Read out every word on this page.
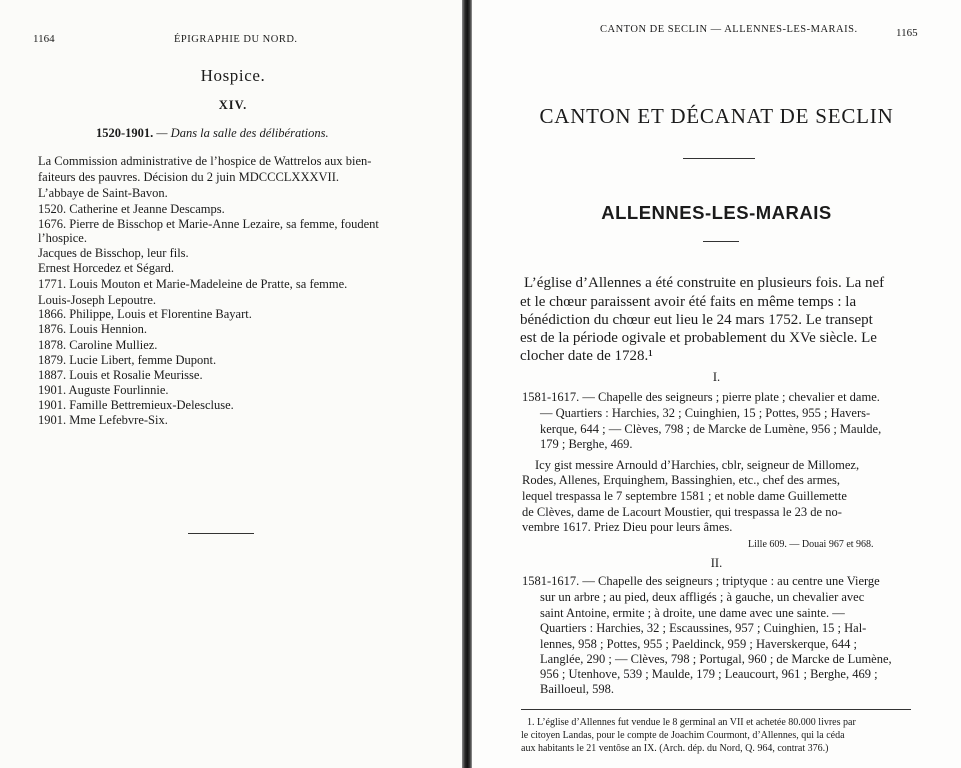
1164	ÉPIGRAPHIE DU NORD.
Hospice.
XIV.
1520-1901. — Dans la salle des délibérations.
La Commission administrative de l’hospice de Wattrelos aux bien-
faiteurs des pauvres. Décision du 2 juin MDCCCLXXXVII.
L’abbaye de Saint-Bavon.
1520. Catherine et Jeanne Descamps.
1676. Pierre de Bisschop et Marie-Anne Lezaire, sa femme, foudent
l’hospice.
Jacques de Bisschop, leur fils.
Ernest Horcedez et Ségard.
1771. Louis Mouton et Marie-Madeleine de Pratte, sa femme.
Louis-Joseph Lepoutre.
1866. Philippe, Louis et Florentine Bayart.
1876. Louis Hennion.
1878. Caroline Mulliez.
1879. Lucie Libert, femme Dupont.
1887. Louis et Rosalie Meurisse.
1901. Auguste Fourlinnie.
1901. Famille Bettremieux-Delescluse.
1901. Mme Lefebvre-Six.
CANTON DE SECLIN — ALLENNES-LES-MARAIS.	1165
CANTON ET DÉCANAT DE SECLIN
ALLENNES-LES-MARAIS
L’église d’Allennes a été construite en plusieurs fois. La nef
et le chœur paraissent avoir été faits en même temps : la
bénédiction du chœur eut lieu le 24 mars 1752. Le transept
est de la période ogivale et probablement du XVe siècle. Le
clocher date de 1728.¹
I.
1581-1617. — Chapelle des seigneurs ; pierre plate ; chevalier et dame.
— Quartiers : Harchies, 32 ; Cuinghien, 15 ; Pottes, 955 ; Havers-
kerque, 644 ; — Clèves, 798 ; de Marcke de Lumène, 956 ; Maulde,
179 ; Berghe, 469.
Icy gist messire Arnould d’Harchies, cblr, seigneur de Millomez,
Rodes, Allenes, Erquinghem, Bassinghien, etc., chef des armes,
lequel trespassa le 7 septembre 1581 ; et noble dame Guillemette
de Clèves, dame de Lacourt Moustier, qui trespassa le 23 de no-
vembre 1617. Priez Dieu pour leurs âmes.
Lille 609. — Douai 967 et 968.
II.
1581-1617. — Chapelle des seigneurs ; triptyque : au centre une Vierge
sur un arbre ; au pied, deux affligés ; à gauche, un chevalier avec
saint Antoine, ermite ; à droite, une dame avec une sainte. —
Quartiers : Harchies, 32 ; Escaussines, 957 ; Cuinghien, 15 ; Hal-
lennes, 958 ; Pottes, 955 ; Paeldinck, 959 ; Haverskerque, 644 ;
Langlée, 290 ; — Clèves, 798 ; Portugal, 960 ; de Marcke de Lumène,
956 ; Utenhove, 539 ; Maulde, 179 ; Leaucourt, 961 ; Berghe, 469 ;
Bailloeul, 598.
1. L’église d’Allennes fut vendue le 8 germinal an VII et achetée 80.000 livres par
le citoyen Landas, pour le compte de Joachim Courmont, d’Allennes, qui la céda
aux habitants le 21 ventôse an IX. (Arch. dép. du Nord, Q. 964, contrat 376.)
